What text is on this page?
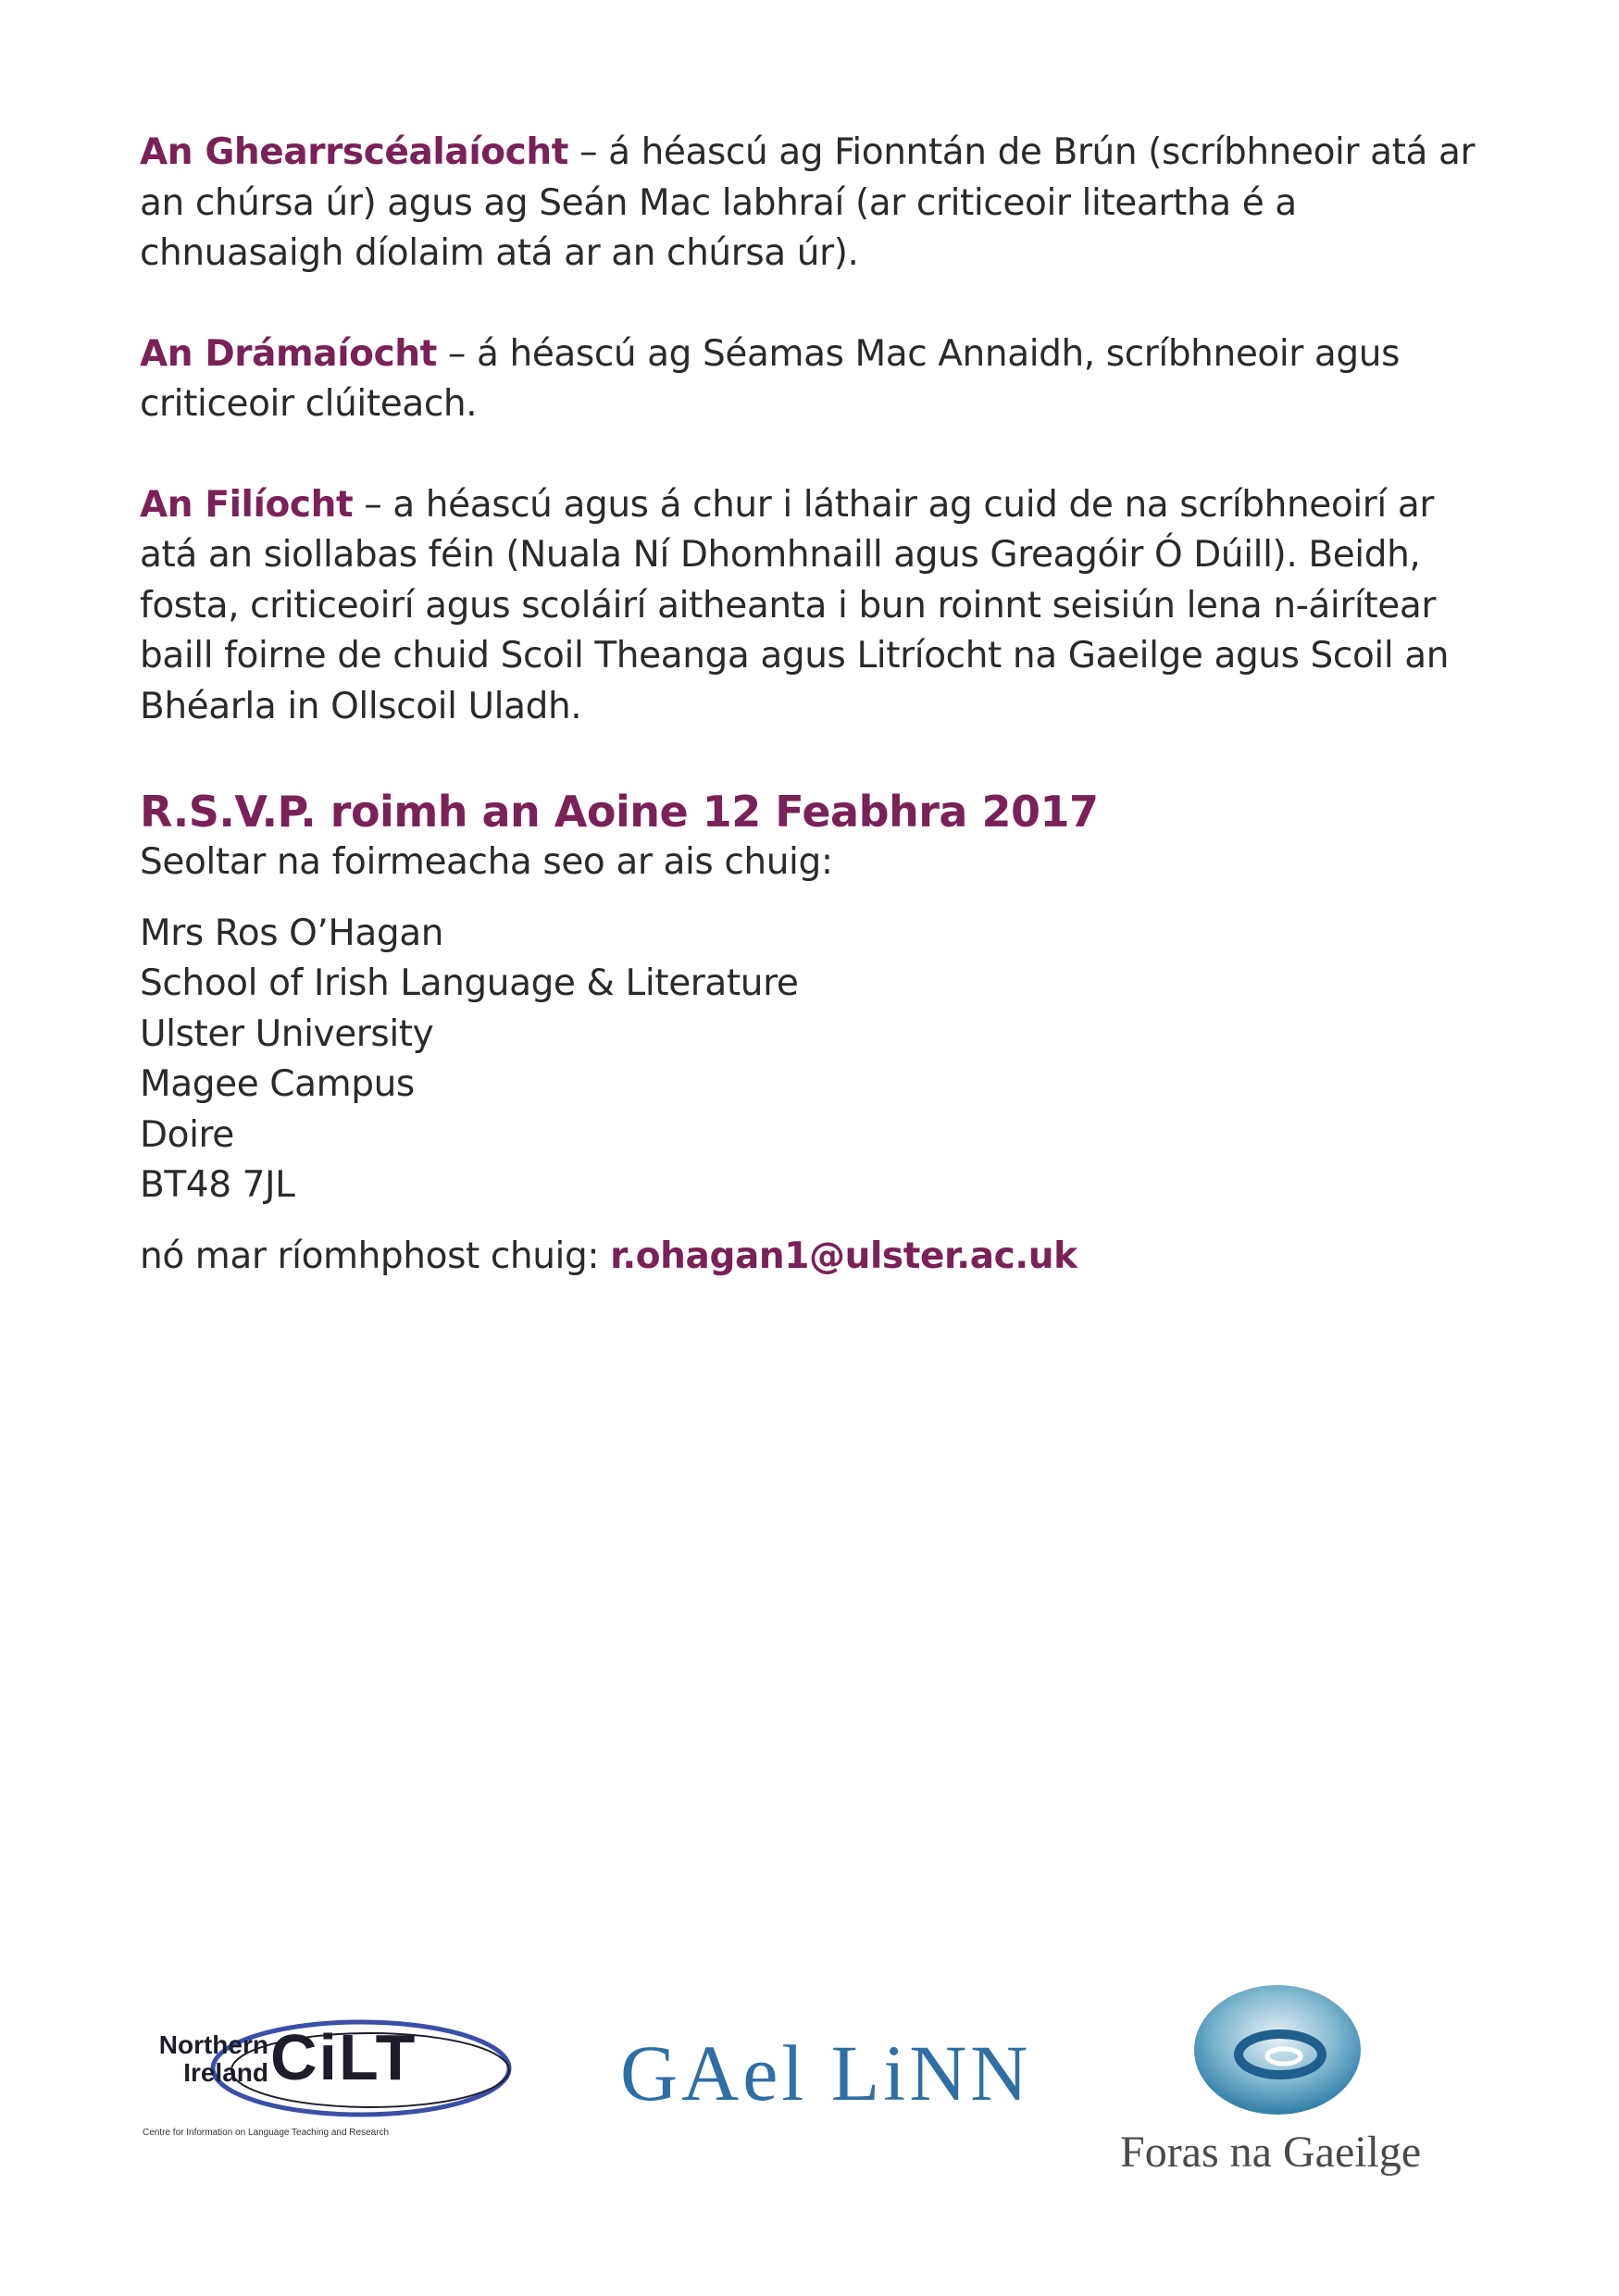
An Ghearrscéalaíocht – á héascú ag Fionntán de Brún (scríbhneoir atá ar an chúrsa úr) agus ag Seán Mac labhraí (ar criticeoir liteartha é a chnuasaigh díolaim atá ar an chúrsa úr).

An Drámaíocht – á héascú ag Séamas Mac Annaidh, scríbhneoir agus criticeoir clúiteach.

An Filíocht – a héascú agus á chur i láthair ag cuid de na scríbhneoirí ar atá an siollabas féin (Nuala Ní Dhomhnaill agus Greagóir Ó Dúill). Beidh, fosta, criticeoirí agus scoláirí aitheanta i bun roinnt seisiún lena n-áirítear baill foirne de chuid Scoil Theanga agus Litríocht na Gaeilge agus Scoil an Bhéarla in Ollscoil Uladh.

R.S.V.P. roimh an Aoine 12 Feabhra 2017
Seoltar na foirmeacha seo ar ais chuig:
Mrs Ros O’Hagan
School of Irish Language & Literature
Ulster University
Magee Campus
Doire
BT48 7JL
nó mar ríomhphost chuig: r.ohagan1@ulster.ac.uk
Northern
Ireland CiLT
Centre for Information on Language Teaching and Research
GAel LiNN
Foras na Gaeilge
